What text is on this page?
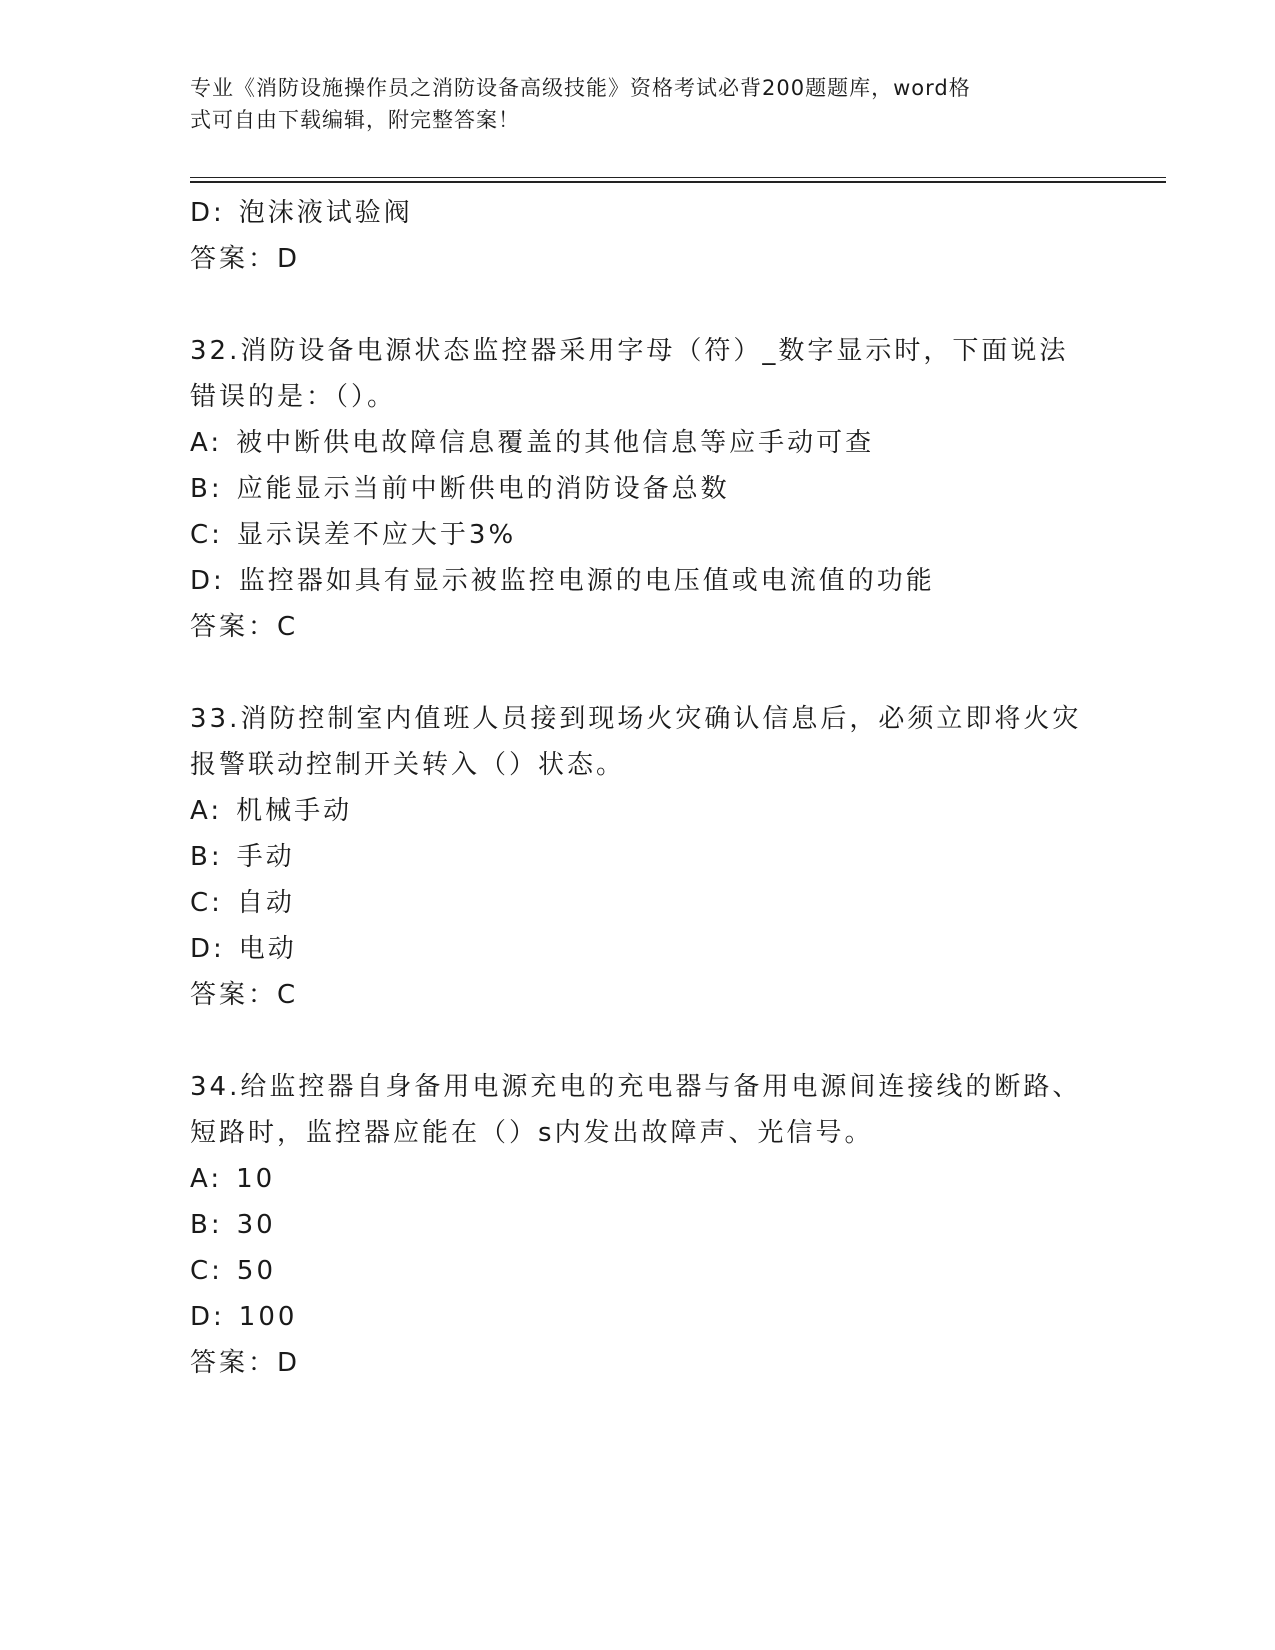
专业《消防设施操作员之消防设备高级技能》资格考试必背200题题库，word格
式可自由下载编辑，附完整答案！
D: 泡沫液试验阀
答案：D
32.消防设备电源状态监控器采用字母（符）_数字显示时，下面说法
错误的是：（）。
A: 被中断供电故障信息覆盖的其他信息等应手动可查
B: 应能显示当前中断供电的消防设备总数
C: 显示误差不应大于3%
D: 监控器如具有显示被监控电源的电压值或电流值的功能
答案：C
33.消防控制室内值班人员接到现场火灾确认信息后，必须立即将火灾
报警联动控制开关转入（）状态。
A: 机械手动
B: 手动
C: 自动
D: 电动
答案：C
34.给监控器自身备用电源充电的充电器与备用电源间连接线的断路、
短路时，监控器应能在（）s内发出故障声、光信号。
A: 10
B: 30
C: 50
D: 100
答案：D
